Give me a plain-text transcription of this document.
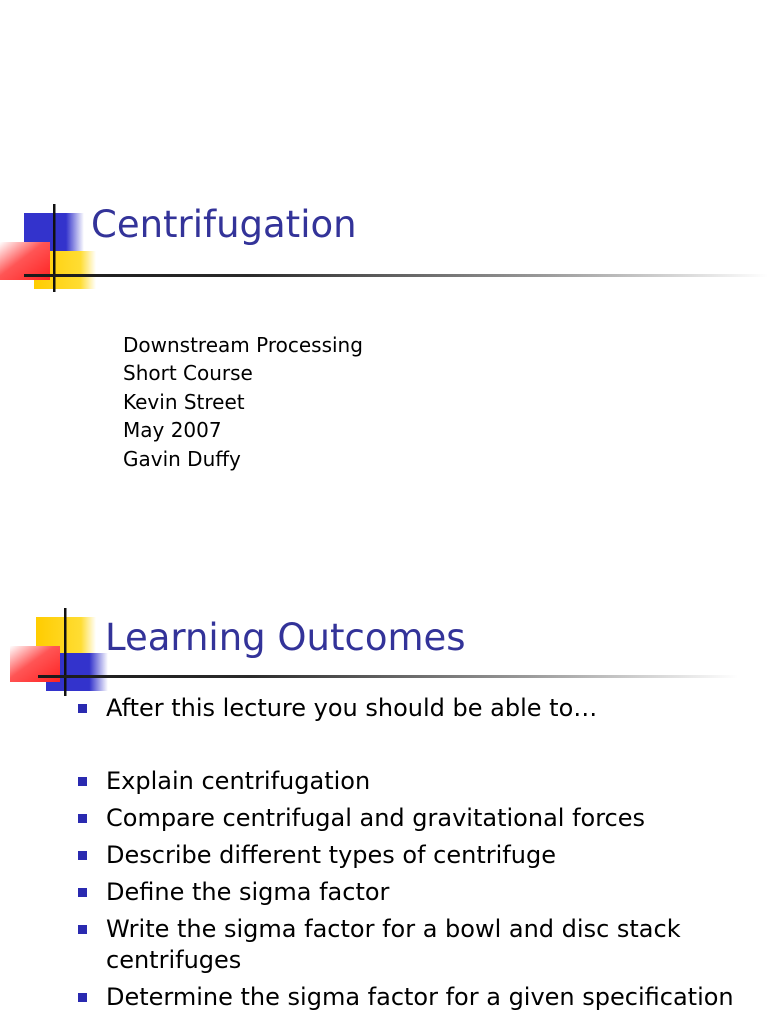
Centrifugation
Downstream Processing
Short Course
Kevin Street
May 2007
Gavin Duffy
Learning Outcomes
After this lecture you should be able to…
Explain centrifugation
Compare centrifugal and gravitational forces
Describe different types of centrifuge
Define the sigma factor
Write the sigma factor for a bowl and disc stack centrifuges
Determine the sigma factor for a given specification
